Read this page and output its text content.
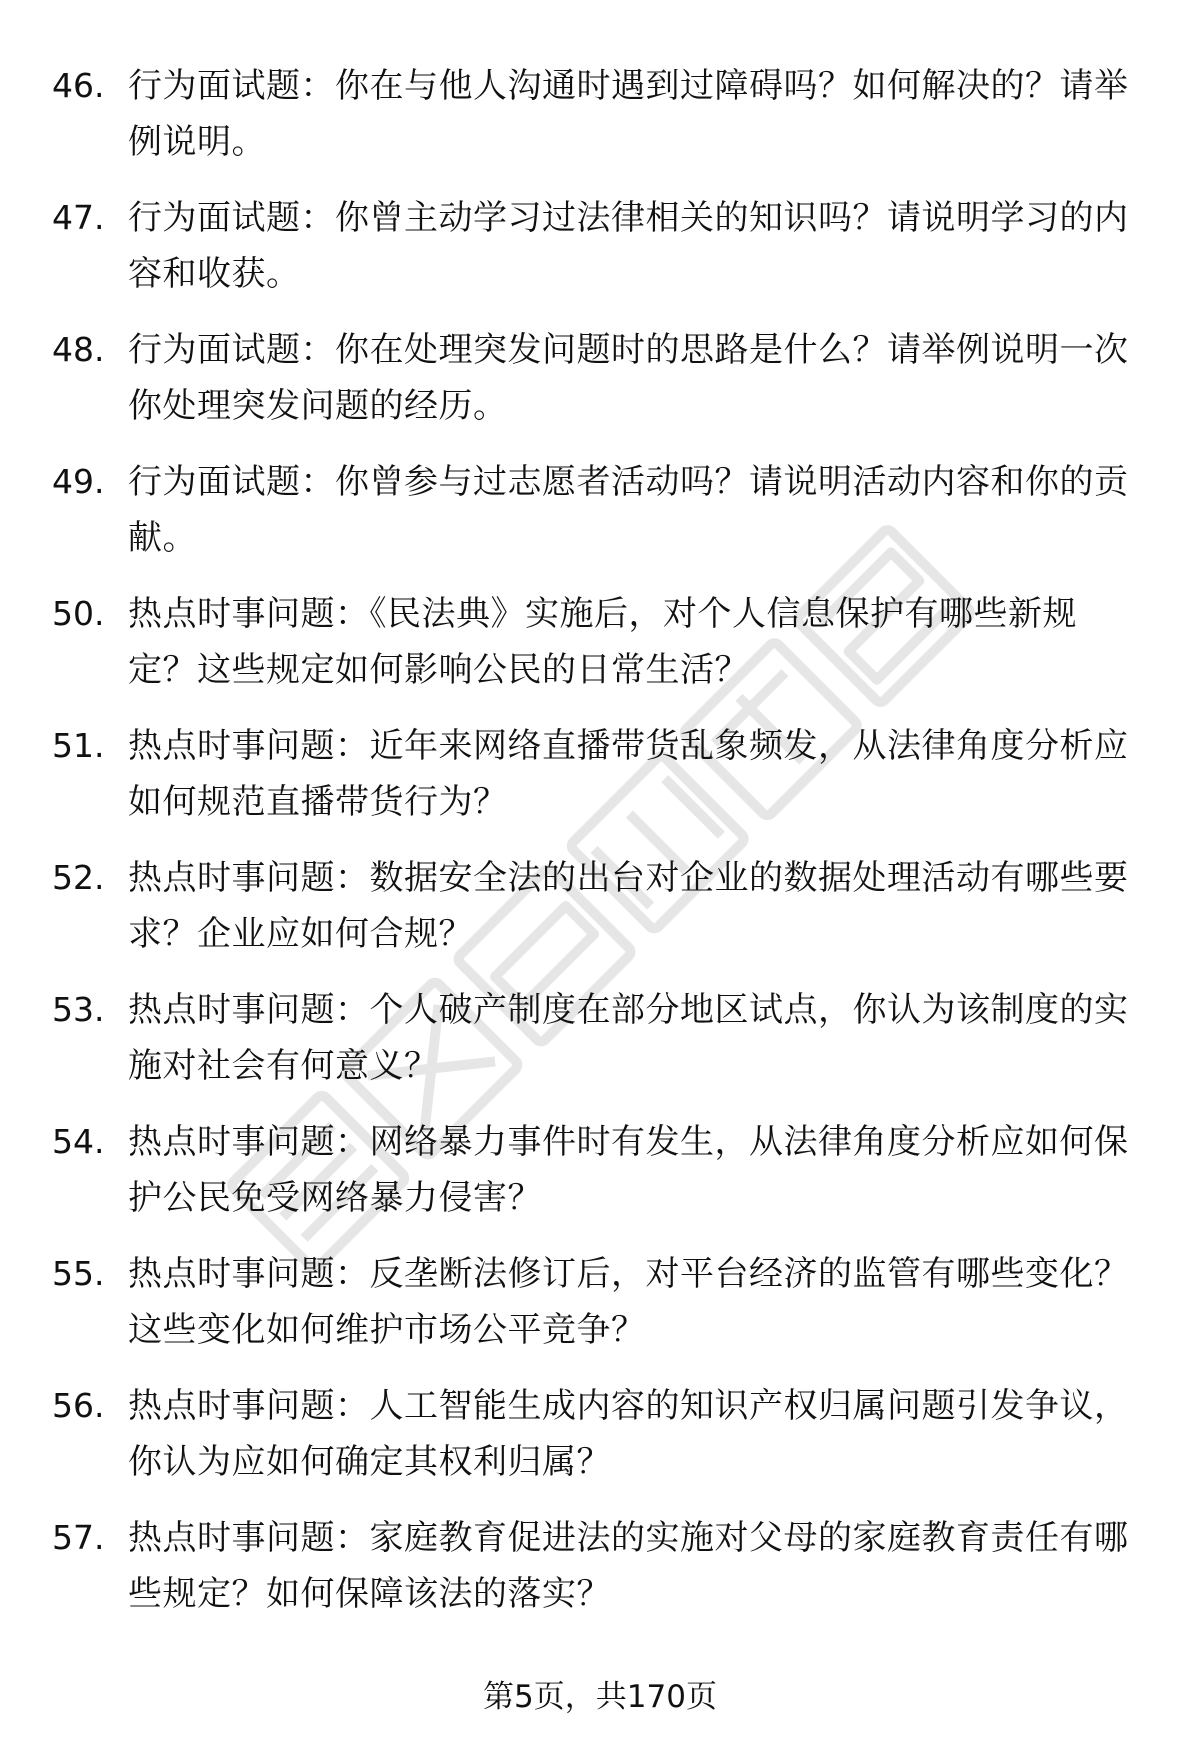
46. 行为面试题：你在与他人沟通时遇到过障碍吗？如何解决的？请举例说明。
47. 行为面试题：你曾主动学习过法律相关的知识吗？请说明学习的内容和收获。
48. 行为面试题：你在处理突发问题时的思路是什么？请举例说明一次你处理突发问题的经历。
49. 行为面试题：你曾参与过志愿者活动吗？请说明活动内容和你的贡献。
50. 热点时事问题：《民法典》实施后，对个人信息保护有哪些新规定？这些规定如何影响公民的日常生活？
51. 热点时事问题：近年来网络直播带货乱象频发，从法律角度分析应如何规范直播带货行为？
52. 热点时事问题：数据安全法的出台对企业的数据处理活动有哪些要求？企业应如何合规？
53. 热点时事问题：个人破产制度在部分地区试点，你认为该制度的实施对社会有何意义？
54. 热点时事问题：网络暴力事件时有发生，从法律角度分析应如何保护公民免受网络暴力侵害？
55. 热点时事问题：反垄断法修订后，对平台经济的监管有哪些变化？这些变化如何维护市场公平竞争？
56. 热点时事问题：人工智能生成内容的知识产权归属问题引发争议，你认为应如何确定其权利归属？
57. 热点时事问题：家庭教育促进法的实施对父母的家庭教育责任有哪些规定？如何保障该法的落实？
第5页，共170页
